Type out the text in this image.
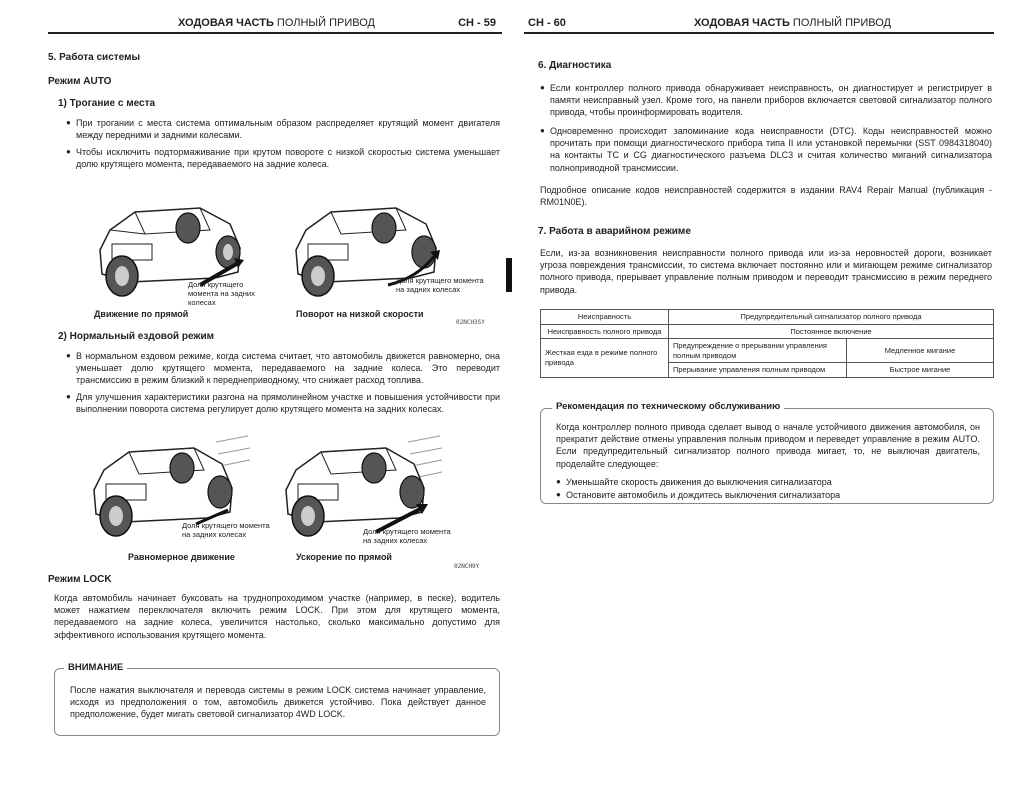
ХОДОВАЯ ЧАСТЬ ПОЛНЫЙ ПРИВОД	CH - 59
5. Работа системы
Режим AUTO
1) Трогание с места
● При трогании с места система оптимальным образом распределяет крутящий момент двигателя между передними и задними колесами.
● Чтобы исключить подтормаживание при крутом повороте с низкой скоростью система уменьшает долю крутящего момента, передаваемого на задние колеса.
Доля крутящего момента на задних колесах
Доля крутящего момента на задних колесах
Движение по прямой	Поворот на низкой скорости
02NCH3SY
2) Нормальный ездовой режим
● В нормальном ездовом режиме, когда система считает, что автомобиль движется равномерно, она уменьшает долю крутящего момента, передаваемого на задние колеса. Это переводит трансмиссию в режим близкий к переднеприводному, что снижает расход топлива.
● Для улучшения характеристики разгона на прямолинейном участке и повышения устойчивости при выполнении поворота система регулирует долю крутящего момента на задних колесах.
Доля крутящего момента на задних колесах	Доля крутящего момента на задних колесах
Равномерное движение	Ускорение по прямой
02NCH9Y
Режим LOCK
Когда автомобиль начинает буксовать на труднопроходимом участке (например, в песке), водитель может нажатием переключателя включить режим LOCK. При этом для крутящего момента, передаваемого на задние колеса, увеличится настолько, сколько максимально допустимо для эффективного использования крутящего момента.
ВНИМАНИЕ
После нажатия выключателя и перевода системы в режим LOCK система начинает управление, исходя из предположения о том, автомобиль движется устойчиво. Пока действует данное предположение, будет мигать световой сигнализатор 4WD LOCK.
CH - 60	ХОДОВАЯ ЧАСТЬ ПОЛНЫЙ ПРИВОД
6. Диагностика
● Если контроллер полного привода обнаруживает неисправность, он диагностирует и регистрирует в памяти неисправный узел. Кроме того, на панели приборов включается световой сигнализатор полного привода, чтобы проинформировать водителя.
● Одновременно происходит запоминание кода неисправности (DTC). Коды неисправностей можно прочитать при помощи диагностического прибора типа II или установкой перемычки (SST 0984318040) на контакты ТС и CG диагностического разъема DLC3 и считая количество миганий сигнализатора полноприводной трансмиссии.
Подробное описание кодов неисправностей содержится в издании RAV4 Repair Manual (публикация - RM01N0E).
7. Работа в аварийном режиме
Если, из-за возникновения неисправности полного привода или из-за неровностей дороги, возникает угроза повреждения трансмиссии, то система включает постоянно или и мигающем режиме сигнализатор полного привода, прерывает управление полным приводом и переводит трансмиссию в режим переднего привода.
Неисправность	Предупредительный сигнализатор полного привода	
Неисправность полного привода	Постоянное включение	
Жесткая езда в режиме полного привода	Предупреждение о прерывании управления полным приводом	Медленное мигание
	Прерывание управления полным приводом	Быстрое мигание
Рекомендация по техническому обслуживанию
Когда контроллер полного привода сделает вывод о начале устойчивого движения автомобиля, он прекратит действие отмены управления полным приводом и переведет управление в режим AUTO. Если предупредительный сигнализатор полного привода мигает, то, не выключая двигатель, проделайте следующее:
● Уменьшайте скорость движения до выключения сигнализатора
● Остановите автомобиль и дождитесь выключения сигнализатора
